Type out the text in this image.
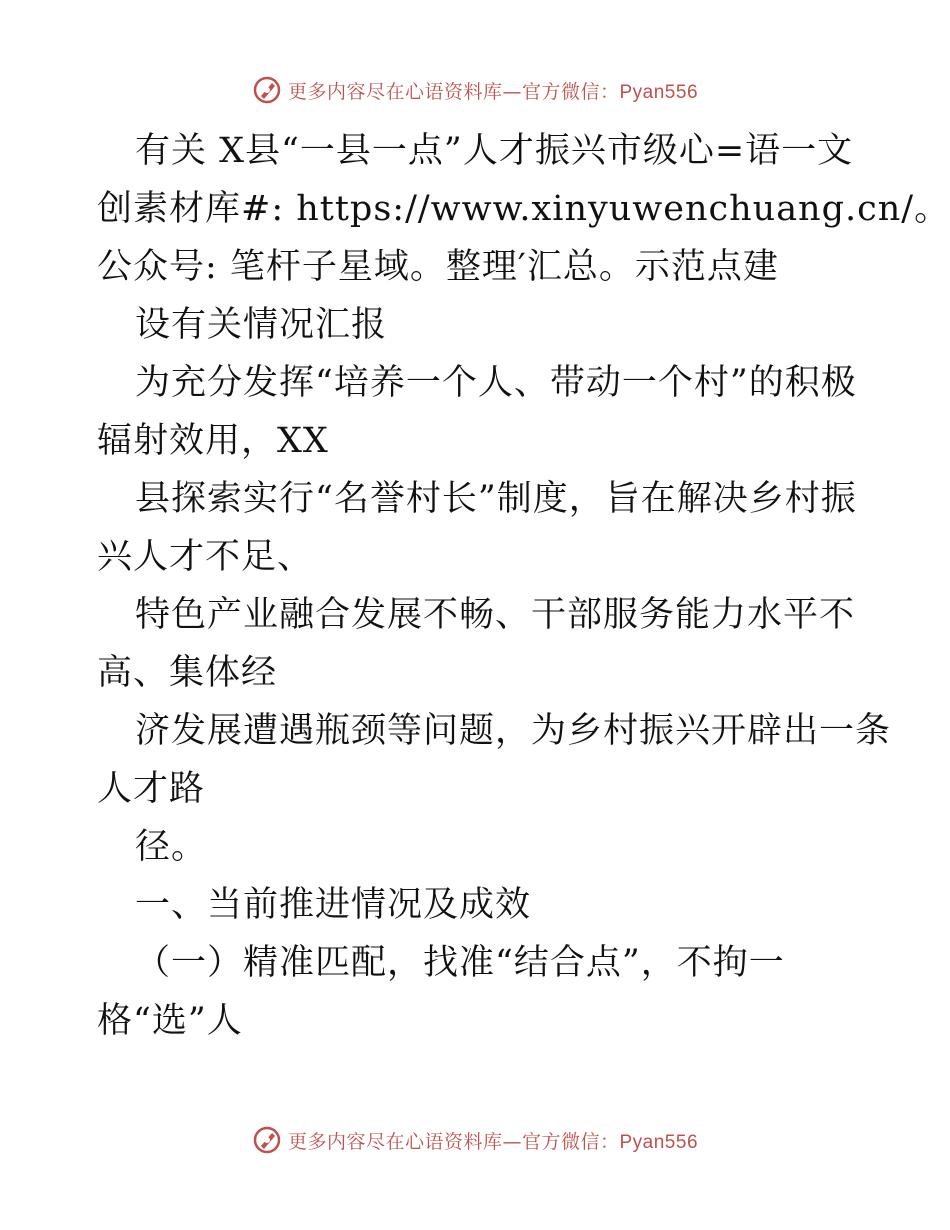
更多内容尽在心语资料库—官方微信：Pyan556
有关 X县“一县一点”人才振兴市级心=语一文
创素材库#: https://www.xinyuwenchuang.cn/。
公众号: 笔杆子星域。整理′汇总。示范点建
设有关情况汇报
为充分发挥“培养一个人、带动一个村”的积极
辐射效用，XX
县探索实行“名誉村长”制度，旨在解决乡村振
兴人才不足、
特色产业融合发展不畅、干部服务能力水平不
高、集体经
济发展遭遇瓶颈等问题，为乡村振兴开辟出一条
人才路
径。
一、当前推进情况及成效
（一）精准匹配，找准“结合点”，不拘一
格“选”人
更多内容尽在心语资料库—官方微信：Pyan556
